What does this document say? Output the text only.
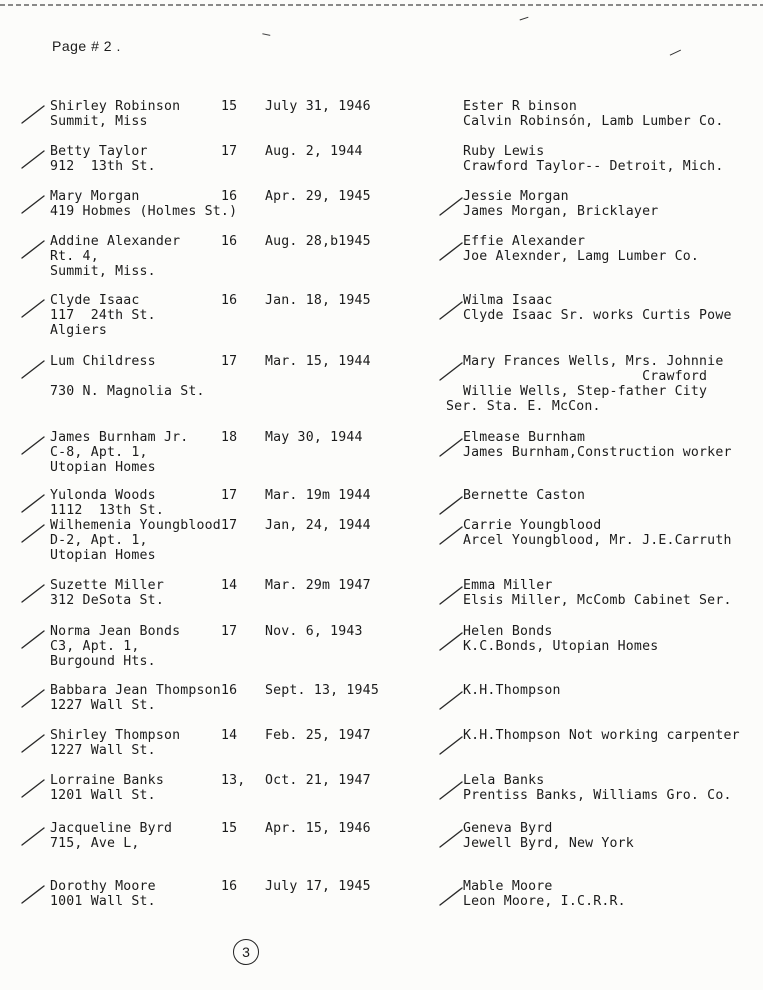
Page # 2 .
Shirley Robinson	15 July 31, 1946
Summit, Miss
Ester R binson
Calvin Robinsón, Lamb Lumber Co.
Betty Taylor	17 Aug. 2, 1944
912  13th St.
Ruby Lewis
Crawford Taylor-- Detroit, Mich.
Mary Morgan	16 Apr. 29, 1945
419 Hobmes (Holmes St.)
Jessie Morgan
James Morgan, Bricklayer
Addine Alexander	16 Aug. 28,b1945
Rt. 4,
Summit, Miss.
Effie Alexander
Joe Alexnder, Lamg Lumber Co.
Clyde Isaac	16 Jan. 18, 1945
117  24th St.
Algiers
Wilma Isaac
Clyde Isaac Sr. works Curtis Powe
Lum Childress	17 Mar. 15, 1944
730 N. Magnolia St.
Mary Frances Wells, Mrs. Johnnie
Crawford
Willie Wells, Step-father City
Ser. Sta. E. McCon.
James Burnham Jr. 18 May 30, 1944
C-8, Apt. 1,
Utopian Homes
Elmease Burnham
James Burnham,Construction worker
Yulonda Woods	17 Mar. 19m 1944
1112  13th St.
Bernette Caston
Wilhemenia Youngblood 17 Jan, 24, 1944
D-2, Apt. 1,
Utopian Homes
Carrie Youngblood
Arcel Youngblood, Mr. J.E.Carruth
Suzette Miller	14 Mar. 29m 1947
312 DeSota St.
Emma Miller
Elsis Miller, McComb Cabinet Ser.
Norma Jean Bonds	17 Nov. 6, 1943
C3, Apt. 1,
Burgound Hts.
Helen Bonds
K.C.Bonds, Utopian Homes
Babbara Jean Thompson 16 Sept. 13, 1945
1227 Wall St.
K.H.Thompson
Shirley Thompson	14 Feb. 25, 1947
1227 Wall St.
K.H.Thompson Not working carpenter
Lorraine Banks	13, Oct. 21, 1947
1201 Wall St.
Lela Banks
Prentiss Banks, Williams Gro. Co.
Jacqueline Byrd	15 Apr. 15, 1946
715, Ave L,
Geneva Byrd
Jewell Byrd, New York
Dorothy Moore	16 July 17, 1945
1001 Wall St.
Mable Moore
Leon Moore, I.C.R.R.
3
